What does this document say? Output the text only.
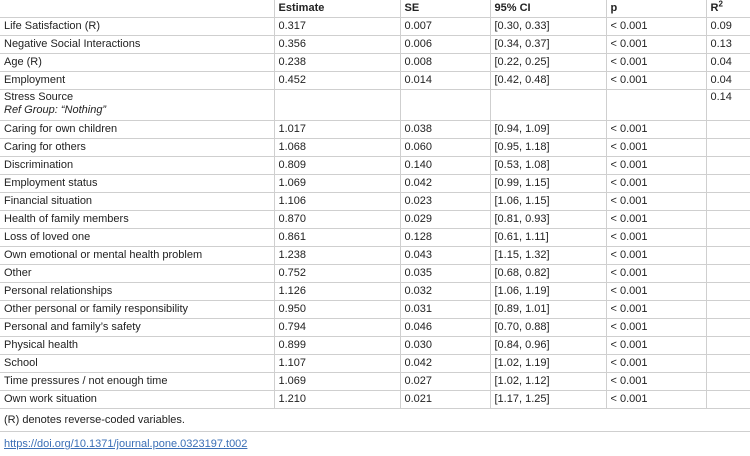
	Estimate	SE	95% CI	p	$R^2$
Life Satisfaction (R)	0.317	0.007	[0.30, 0.33]	< 0.001	0.09
Negative Social Interactions	0.356	0.006	[0.34, 0.37]	< 0.001	0.13
Age (R)	0.238	0.008	[0.22, 0.25]	< 0.001	0.04
Employment	0.452	0.014	[0.42, 0.48]	< 0.001	0.04
Stress Source
Ref Group: “Nothing”					0.14
Caring for own children	1.017	0.038	[0.94, 1.09]	< 0.001	
Caring for others	1.068	0.060	[0.95, 1.18]	< 0.001	
Discrimination	0.809	0.140	[0.53, 1.08]	< 0.001	
Employment status	1.069	0.042	[0.99, 1.15]	< 0.001	
Financial situation	1.106	0.023	[1.06, 1.15]	< 0.001	
Health of family members	0.870	0.029	[0.81, 0.93]	< 0.001	
Loss of loved one	0.861	0.128	[0.61, 1.11]	< 0.001	
Own emotional or mental health problem	1.238	0.043	[1.15, 1.32]	< 0.001	
Other	0.752	0.035	[0.68, 0.82]	< 0.001	
Personal relationships	1.126	0.032	[1.06, 1.19]	< 0.001	
Other personal or family responsibility	0.950	0.031	[0.89, 1.01]	< 0.001	
Personal and family’s safety	0.794	0.046	[0.70, 0.88]	< 0.001	
Physical health	0.899	0.030	[0.84, 0.96]	< 0.001	
School	1.107	0.042	[1.02, 1.19]	< 0.001	
Time pressures / not enough time	1.069	0.027	[1.02, 1.12]	< 0.001	
Own work situation	1.210	0.021	[1.17, 1.25]	< 0.001	
(R) denotes reverse-coded variables.
https://doi.org/10.1371/journal.pone.0323197.t002
